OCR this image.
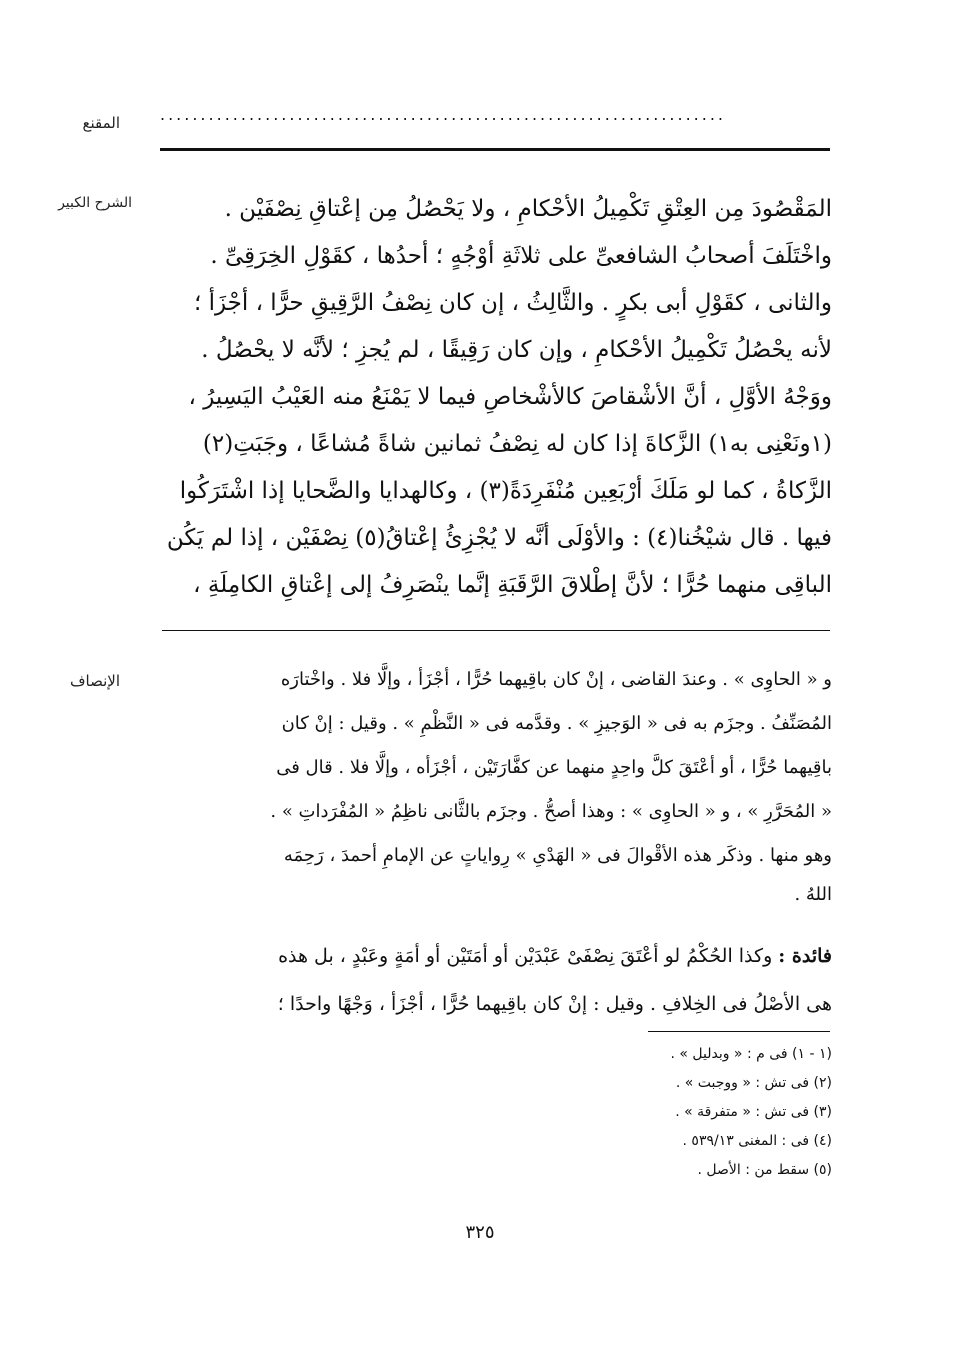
المقنع	......................................................................
الشرح الكبير	المَقْصُودَ مِن العِتْقِ تَكْمِيلُ الأحْكامِ ، ولا يَحْصُلُ مِن إعْتاقِ نِصْفَيْن .
واخْتَلَفَ أصحابُ الشافعىِّ على ثلاثَةِ أوْجُهٍ ؛ أحدُها ، كقَوْلِ الخِرَقِىِّ .
والثانى ، كقَوْلِ أبى بكرٍ . والثَّالِثُ ، إن كان نِصْفُ الرَّقِيقِ حرًّا ، أجْزَأ ؛
لأنه يحْصُلُ تَكْمِيلُ الأحْكامِ ، وإن كان رَقِيقًا ، لم يُجزِ ؛ لأنَّه لا يحْصُلُ .
ووَجْهُ الأوَّلِ ، أنَّ الأشْقاصَ كالأشْخاصِ فيما لا يَمْنَعُ منه العَيْبُ اليَسِيرُ ،
(١ونَعْنِى به١) الزَّكاةَ إذا كان له نِصْفُ ثمانين شاةً مُشاعًا ، وجَبَتِ(٢)
الزَّكاةُ ، كما لو مَلَكَ أرْبَعِين مُنْفَرِدَةً(٣) ، وكالهدايا والضَّحايا إذا اشْتَرَكُوا
فيها . قال شيْخُنا(٤) : والأوْلَى أنَّه لا يُجْزِئُ إعْتاقُ(٥) نِصْفَيْن ، إذا لم يَكُن
الباقِى منهما حُرًّا ؛ لأنَّ إطْلاقَ الرَّقَبَةِ إنَّما ينْصَرِفُ إلى إعْتاقِ الكامِلَةِ ،
الإنصاف	و « الحاوِى » . وعندَ القاضى ، إنْ كان باقِيهما حُرًّا ، أجْزَأ ، وإلَّا فلا . واخْتارَه
المُصَنِّفُ . وجزَم به فى « الوَجيزِ » . وقدَّمه فى « النَّظْمِ » . وقيل : إنْ كان
باقِيهما حُرًّا ، أو أعْتَقَ كلَّ واحِدٍ منهما عن كفَّارَتَيْن ، أجْزَأه ، وإلَّا فلا . قال فى
« المُحَرَّرِ » ، و « الحاوِى » : وهذا أصحُّ . وجزَم بالثَّانى ناظِمُ « المُفْرَداتِ » .
وهو منها . وذكَر هذه الأقْوالَ فى « الهَدْىِ » رِواياتٍ عن الإمامِ أحمدَ ، رَحِمَه
اللهُ .
فائدة : وكذا الحُكْمُ لو أعْتَقَ نِصْفَىْ عَبْدَيْن أو أمَتَيْن أو أمَةٍ وعَبْدٍ ، بل هذه
هى الأصْلُ فى الخِلافِ . وقيل : إنْ كان باقِيهما حُرًّا ، أجْزَأ ، وَجْهًا واحدًا ؛
(١ - ١) فى م : « وبدليل » .
(٢) فى تش : « ووجبت » .
(٣) فى تش : « متفرقة » .
(٤) فى : المغنى ٥٣٩/١٣ .
(٥) سقط من : الأصل .
٣٢٥
